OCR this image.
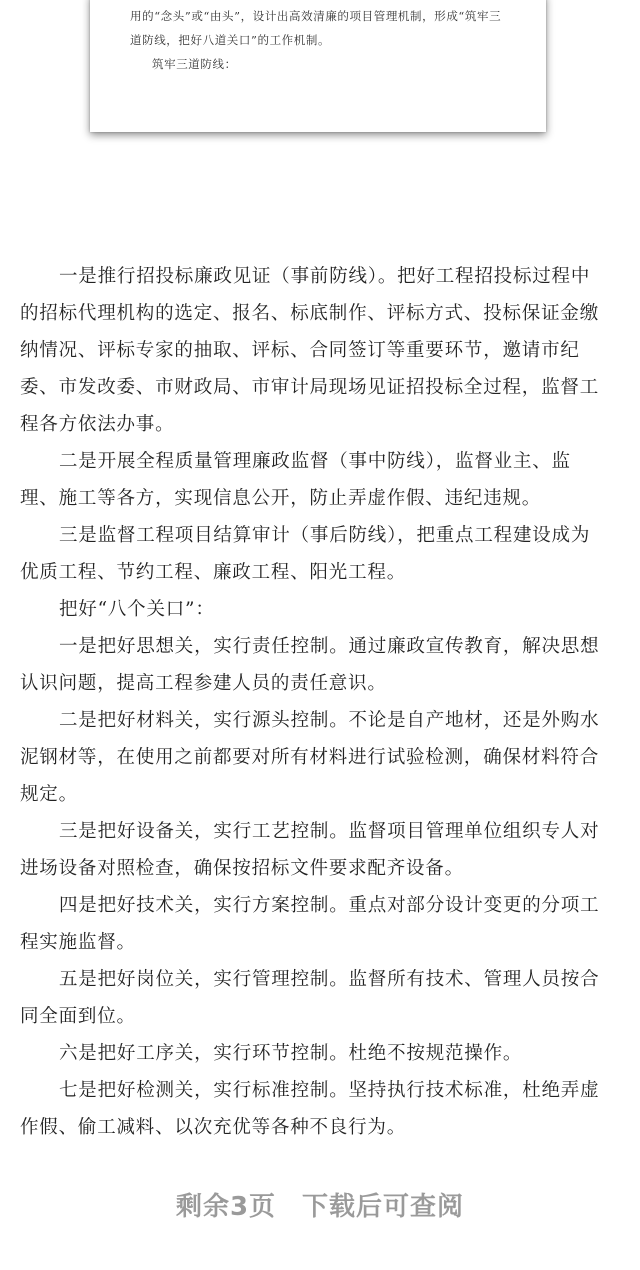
用的“念头”或“由头”，设计出高效清廉的项目管理机制，形成“筑牢三

道防线，把好八道关口”的工作机制。

筑牢三道防线：

一是推行招投标廉政见证（事前防线）。把好工程招投标过程中

的招标代理机构的选定、报名、标底制作、评标方式、投标保证金缴

纳情况、评标专家的抽取、评标、合同签订等重要环节，邀请市纪

委、市发改委、市财政局、市审计局现场见证招投标全过程，监督工

程各方依法办事。

二是开展全程质量管理廉政监督（事中防线），监督业主、监

理、施工等各方，实现信息公开，防止弄虚作假、违纪违规。

三是监督工程项目结算审计（事后防线），把重点工程建设成为

优质工程、节约工程、廉政工程、阳光工程。

把好“八个关口”：

一是把好思想关，实行责任控制。通过廉政宣传教育，解决思想

认识问题，提高工程参建人员的责任意识。

二是把好材料关，实行源头控制。不论是自产地材，还是外购水

泥钢材等，在使用之前都要对所有材料进行试验检测，确保材料符合

规定。

三是把好设备关，实行工艺控制。监督项目管理单位组织专人对

进场设备对照检查，确保按招标文件要求配齐设备。

四是把好技术关，实行方案控制。重点对部分设计变更的分项工

程实施监督。

五是把好岗位关，实行管理控制。监督所有技术、管理人员按合

同全面到位。

六是把好工序关，实行环节控制。杜绝不按规范操作。

七是把好检测关，实行标准控制。坚持执行技术标准，杜绝弄虚

作假、偷工减料、以次充优等各种不良行为。

剩余3页 下载后可查阅
